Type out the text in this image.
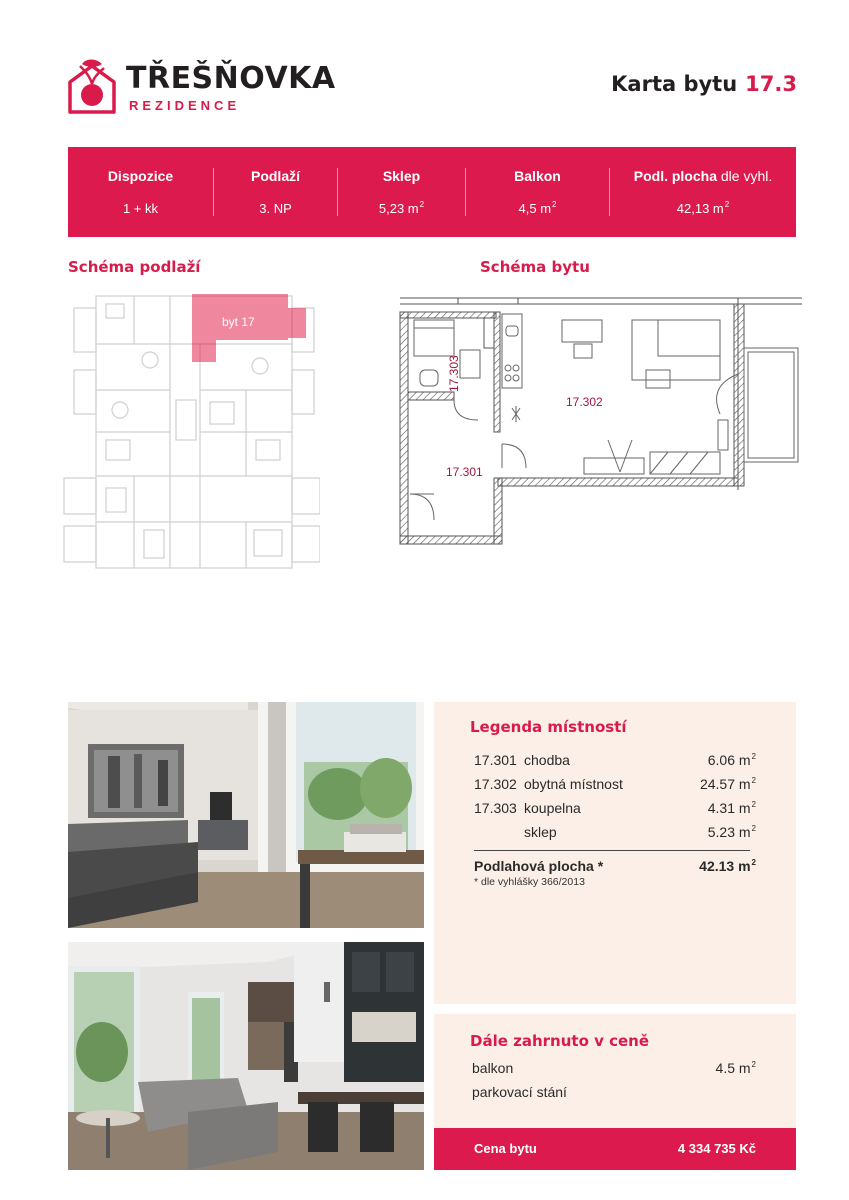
TŘEŠŇOVKA
REZIDENCE
Karta bytu 17.3
Dispozice
1 + kk
Podlaží
3. NP
Sklep
5,23 $m^2$
Balkon
4,5 $m^2$
Podl. plocha dle vyhl.
42,13 $m^2$
Schéma podlaží	Schéma bytu
byt 17
17.303
17.302
17.301
Legenda místností
17.301 chodba	6.06 $m^2$
17.302 obytná místnost	24.57 $m^2$
17.303 koupelna	4.31 $m^2$
sklep	5.23 $m^2$
Podlahová plocha *	42.13 $m^2$
* dle vyhlášky 366/2013
Dále zahrnuto v ceně
balkon	4.5 $m^2$
parkovací stání
Cena bytu	4 334 735 Kč
